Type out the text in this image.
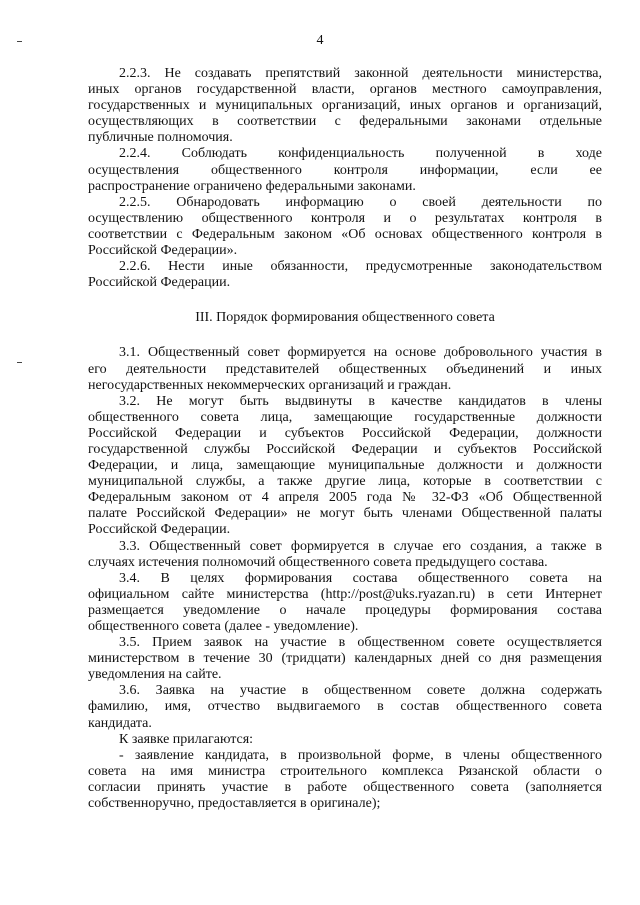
4
2.2.3. Не создавать препятствий законной деятельности министерства,
иных органов государственной власти, органов местного самоуправления,
государственных и муниципальных организаций, иных органов и организаций,
осуществляющих в соответствии с федеральными законами отдельные
публичные полномочия.
2.2.4. Соблюдать конфиденциальность полученной в ходе
осуществления общественного контроля информации, если ее
распространение ограничено федеральными законами.
2.2.5. Обнародовать информацию о своей деятельности по
осуществлению общественного контроля и о результатах контроля в
соответствии с Федеральным законом «Об основах общественного контроля в
Российской Федерации».
2.2.6. Нести иные обязанности, предусмотренные законодательством
Российской Федерации.
III. Порядок формирования общественного совета
3.1. Общественный совет формируется на основе добровольного участия в
его деятельности представителей общественных объединений и иных
негосударственных некоммерческих организаций и граждан.
3.2. Не могут быть выдвинуты в качестве кандидатов в члены
общественного совета лица, замещающие государственные должности
Российской Федерации и субъектов Российской Федерации, должности
государственной службы Российской Федерации и субъектов Российской
Федерации, и лица, замещающие муниципальные должности и должности
муниципальной службы, а также другие лица, которые в соответствии с
Федеральным законом от 4 апреля 2005 года № 32-ФЗ «Об Общественной
палате Российской Федерации» не могут быть членами Общественной палаты
Российской Федерации.
3.3. Общественный совет формируется в случае его создания, а также в
случаях истечения полномочий общественного совета предыдущего состава.
3.4. В целях формирования состава общественного совета на
официальном сайте министерства (http://post@uks.ryazan.ru) в сети Интернет
размещается уведомление о начале процедуры формирования состава
общественного совета (далее - уведомление).
3.5. Прием заявок на участие в общественном совете осуществляется
министерством в течение 30 (тридцати) календарных дней со дня размещения
уведомления на сайте.
3.6. Заявка на участие в общественном совете должна содержать
фамилию, имя, отчество выдвигаемого в состав общественного совета
кандидата.
К заявке прилагаются:
- заявление кандидата, в произвольной форме, в члены общественного
совета на имя министра строительного комплекса Рязанской области о
согласии принять участие в работе общественного совета (заполняется
собственноручно, предоставляется в оригинале);
